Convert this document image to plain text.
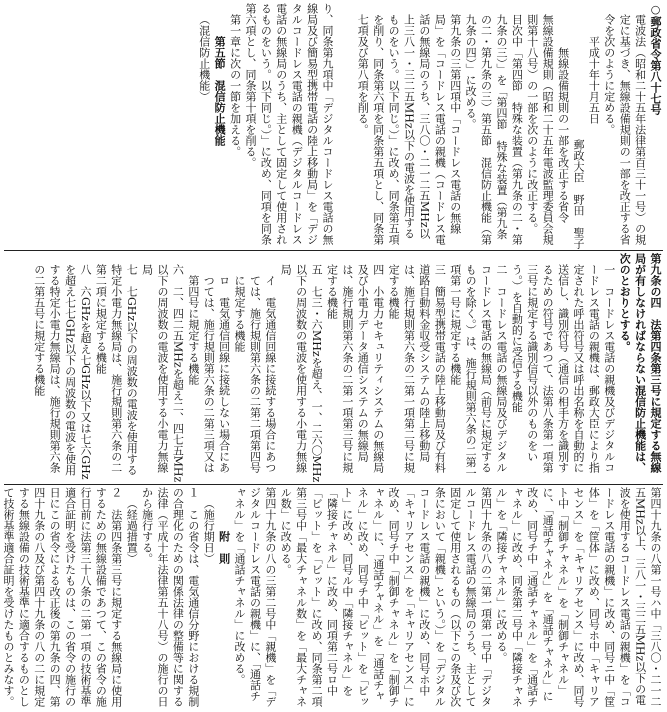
○郵政省令第八十七号
電波法（昭和二十五年法律第百三十一号）の規定に基づき、無線設備規則の一部を改正する省令を次のように定める。
平成十年十月五日
郵政大臣　野田　聖子
無線設備規則の一部を改正する省令
無線設備規則（昭和二十五年電波監理委員会規則第十八号）の一部を次のように改正する。
目次中「第四節　特殊な装置（第九条の二・第九条の三）」を「第四節　特殊な装置（第九条の二・第九条の三）第五節　混信防止機能（第九条の四）」に改める。
第九条の三第四項中「コードレス電話の無線局」を「コードレス電話の親機（コードレス電話の無線局のうち、三八〇・二一二五MHz以上三八一・三二五MHz以下の電波を使用するものをいう。以下同じ。）」に改め、同条第五項を削り、同条第六項を同条第五項とし、同条第七項及び第八項を削る。
り、同条第九項中「デジタルコードレス電話の無線局及び簡易型携帯電話の陸上移動局」を「デジタルコードレス電話の親機（デジタルコードレス電話の無線局のうち、主として固定して使用されるものをいう。以下同じ。）」に改め、同項を同条第六項とし、同条第十項を削る。
第一章に次の一節を加える。
第五節　混信防止機能
（混信防止機能）
第九条の四　法第四条第三号に規定する無線局が有しなければならない混信防止機能は、次のとおりとする。
一　コードレス電話の親機及びデジタルコードレス電話の親機は、郵政大臣により指定された呼出符号又は呼出名称を自動的に送信し、識別符号（通信の相手方を識別するための符号であつて、法第八条第一項第三号に規定する識別信号以外のものをいう。）を自動的に受信する機能
二　コードレス電話の無線局及びデジタルコードレス電話の無線局（前号に規定するものを除く。）は、施行規則第六条の二第一項第一号に規定する機能
三　簡易型携帯電話の陸上移動局及び有料道路自動料金収受システムの陸上移動局は、施行規則第六条の二第一項第二号に規定する機能
四　小電力セキュリティシステムの無線局及び小電力データ通信システムの無線局は、施行規則第六条の二第一項第三号に規定する機能
五　七三・六MHzを超え、一、二六〇MHz以下の周波数の電波を使用する小電力無線局
イ　電気通信回線に接続する場合にあつては、施行規則第六条の二第二項第四号に規定する機能
ロ　電気通信回線に接続しない場合にあつては、施行規則第六条の二第三項又は第四号に規定する機能
六　二、四二五MHzを超え二、四七五MHz以下の周波数の電波を使用する小電力無線局
七　七GHz以下の周波数の電波を使用する特定小電力無線局は、施行規則第六条の二第二項に規定する機能
八　六GHzを超え七GHz以下又は七六GHzを超え七七GHz以下の周波数の電波を使用する特定小電力無線局は、施行規則第六条の二第五号に規定する機能
第四十九条の八第一号ハ中「三八〇・二一二五MHz以上、三八一・三二五MHz以下の電波を使用するコードレス電話の親機」を「コードレス電話の親機」に改め、同号ニ中「筐体」を「筐体」に改め、同号ホ中「キャリアセンス」を「キャリアセンス」に改め、同号ト中「制御チャネル」を「制御チャネル」に、「通話チャネル」を「通話チャネル」に改め、同号チ中「通話チャネル」を「通話チャネル」に改め、同条第二号中「隣接チャネル」を「隣接チャネル」に改める。
第四十九条の八の二第一項第一号中「デジタルコードレス電話の無線局のうち、主として固定して使用されるもの（以下この条及び次条において「親機」という。）」を「デジタルコードレス電話の親機」に改め、同号ホ中「キャリアセンス」を「キャリアセンス」に改め、同号チ中「制御チャネル」を「制御チャネル」に、「通話チャネル」を「通話チャネル」に改め、同号チ中「ビット」を「ビット」に改め、同号ル中「隣接チャネル」を「隣接チャネル」に改め、同項第二号ロ中「ビット」を「ビット」に改め、同条第二項第三号中「最大チャネル数」を「最大チャネル数」に改める。
第四十九条の八の三第二号中「親機」を「デジタルコードレス電話の親機」に、「通話チャネル」を「通話チャネル」に改める。
附　則
（施行期日）
１　この省令は、電気通信分野における規制の合理化のための関係法律の整備等に関する法律（平成十年法律第五十八号）の施行の日から施行する。
（経過措置）
２　法第四条第三号に規定する無線局に使用するための無線設備であつて、この省令の施行日前に法第三十八条の二第一項の技術基準適合証明を受けたものは、この省令の施行の日にこの省令による改正後の第九条の四、第四十九条の八及び第四十九条の八の二に規定する無線設備の技術基準に適合するものとして技術基準適合証明を受けたものとみなす。
